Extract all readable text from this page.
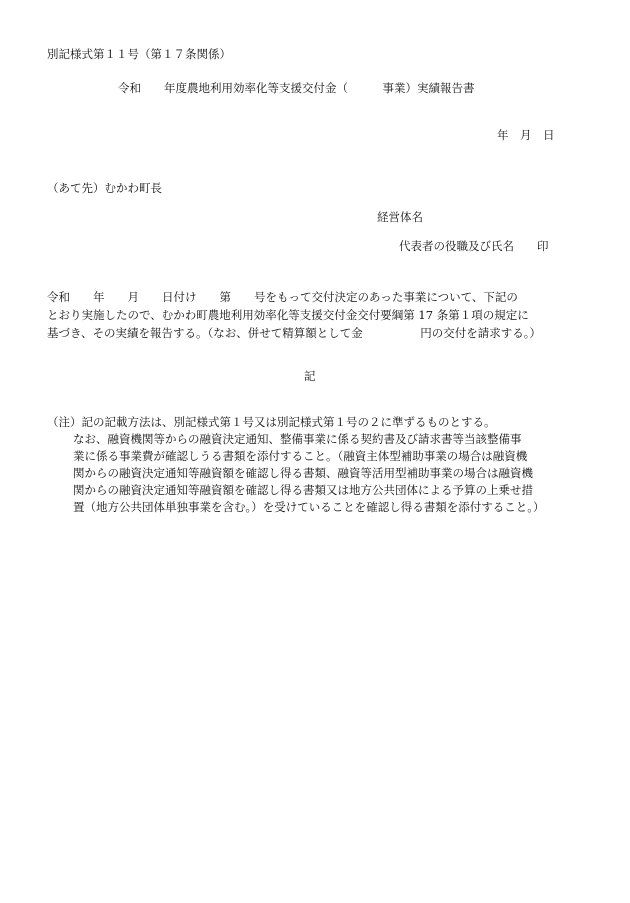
別記様式第１１号（第１７条関係）
令和　　年度農地利用効率化等支援交付金（　　　事業）実績報告書
年　月　日
（あて先）むかわ町長
経営体名
代表者の役職及び氏名　　印
令和　　年　　月　　日付け　　第　　号をもって交付決定のあった事業について、下記の
とおり実施したので、むかわ町農地利用効率化等支援交付金交付要綱第 17 条第１項の規定に
基づき、その実績を報告する。（なお、併せて精算額として金　　　　　円の交付を請求する。）
記
（注）記の記載方法は、別記様式第１号又は別記様式第１号の２に準ずるものとする。
なお、融資機関等からの融資決定通知、整備事業に係る契約書及び請求書等当該整備事
業に係る事業費が確認しうる書類を添付すること。（融資主体型補助事業の場合は融資機
関からの融資決定通知等融資額を確認し得る書類、融資等活用型補助事業の場合は融資機
関からの融資決定通知等融資額を確認し得る書類又は地方公共団体による予算の上乗せ措
置（地方公共団体単独事業を含む。）を受けていることを確認し得る書類を添付すること。）
